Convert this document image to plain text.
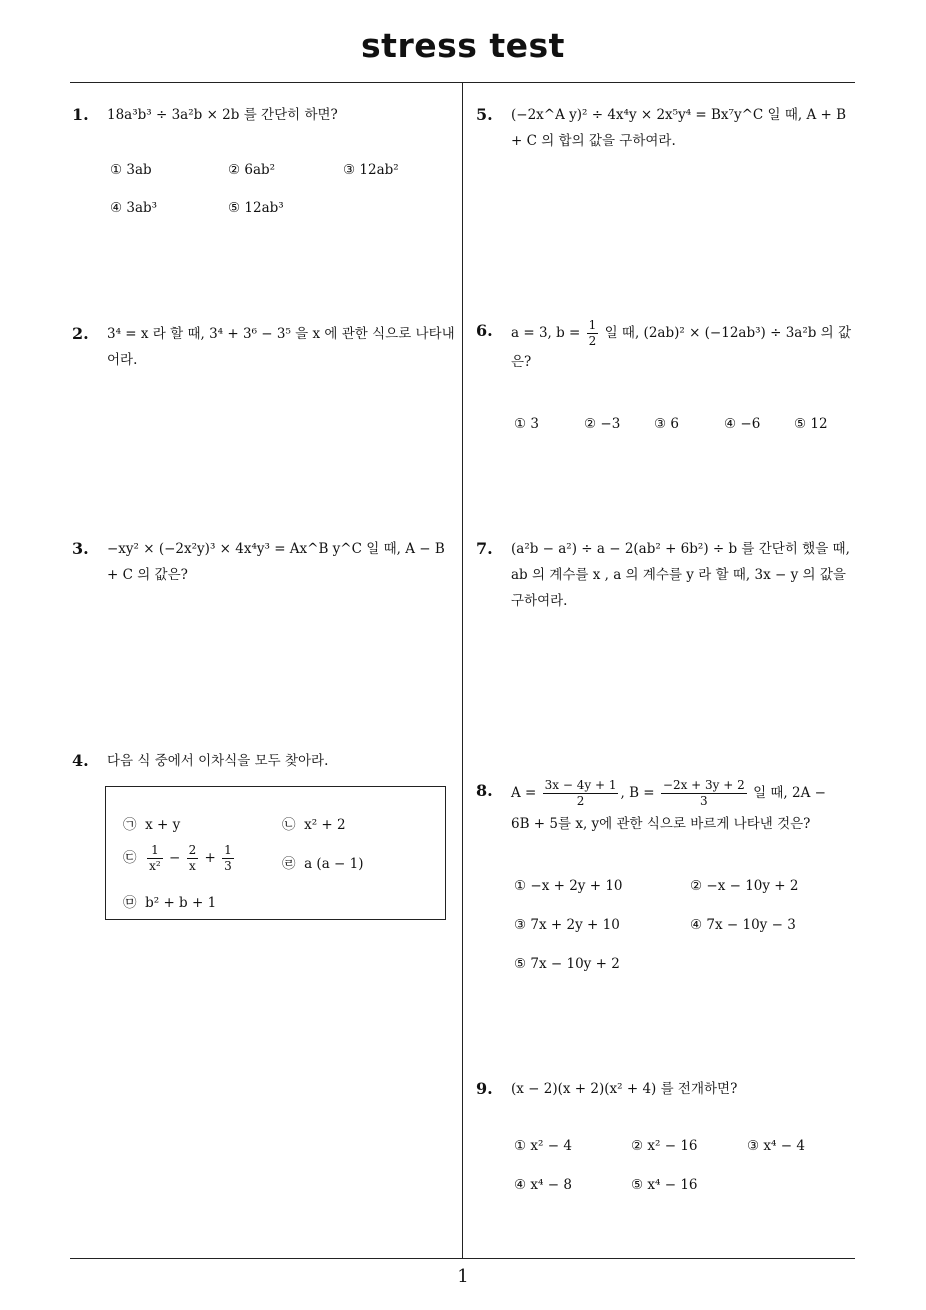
stress test
1. 18a³b³ ÷ 3a²b × 2b 를 간단히 하면?
① 3ab	② 6ab²	③ 12ab²
④ 3ab³	⑤ 12ab³
2. 3⁴ = x 라 할 때, 3⁴ + 3⁶ − 3⁵ 을 x 에 관한 식으로 나타내어라.
3. −xy² × (−2x²y)³ × 4x⁴y³ = Ax^B y^C 일 때, A − B + C 의 값은?
4. 다음 식 중에서 이차식을 모두 찾아라.
㉠ x + y	㉡ x² + 2
㉢ $\frac{1}{\text{x²}} - \frac{2}{x} + \frac{1}{3}$	㉣ a (a − 1)
㉤ b² + b + 1
5. (−2x^A y)² ÷ 4x⁴y × 2x⁵y⁴ = Bx⁷y^C 일 때, A + B + C 의 합의 값을 구하여라.
6. a = 3, $b = \frac{1}{2}$ 일 때, (2ab)² × (−12ab³) ÷ 3a²b 의 값은?
① 3	② −3 ③ 6	④ −6 ⑤ 12
7. (a²b − a²) ÷ a − 2(ab² + 6b²) ÷ b 를 간단히 했을 때, ab 의 계수를 x , a 의 계수를 y 라 할 때, 3x − y 의 값을 구하여라.
8. $A = \frac{3x - 4y + 1}{2}$ , $B = \frac{-2x + 3y + 2}{3}$ 일 때, 2A −
6B + 5를 x, y에 관한 식으로 바르게 나타낸 것은?
① −x + 2y + 10	② −x − 10y + 2
③ 7x + 2y + 10	④ 7x − 10y − 3
⑤ 7x − 10y + 2
9. (x − 2)(x + 2)(x² + 4) 를 전개하면?
① x² − 4	② x² − 16	③ x⁴ − 4
④ x⁴ − 8	⑤ x⁴ − 16
1
